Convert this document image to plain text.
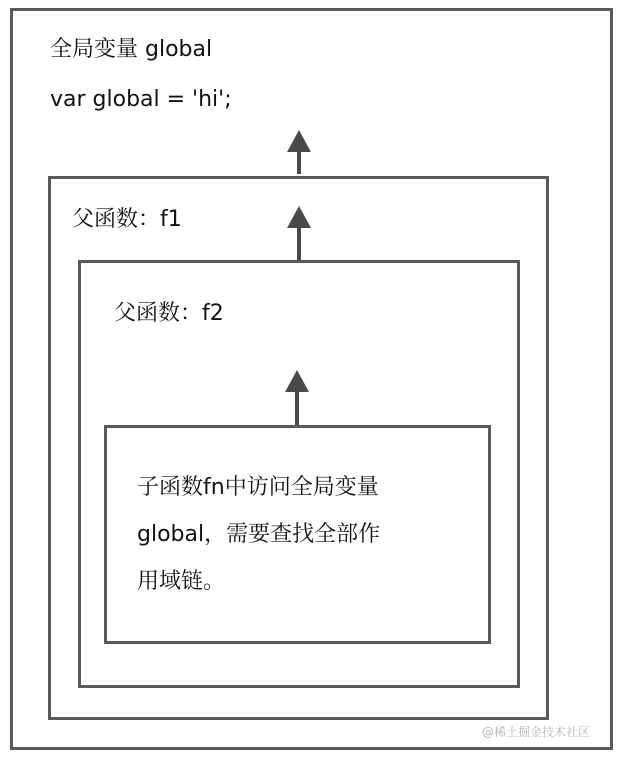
全局变量 global
var global = 'hi';
父函数：f1
父函数：f2
子函数fn中访问全局变量
global，需要查找全部作
用域链。
@稀土掘金技术社区
